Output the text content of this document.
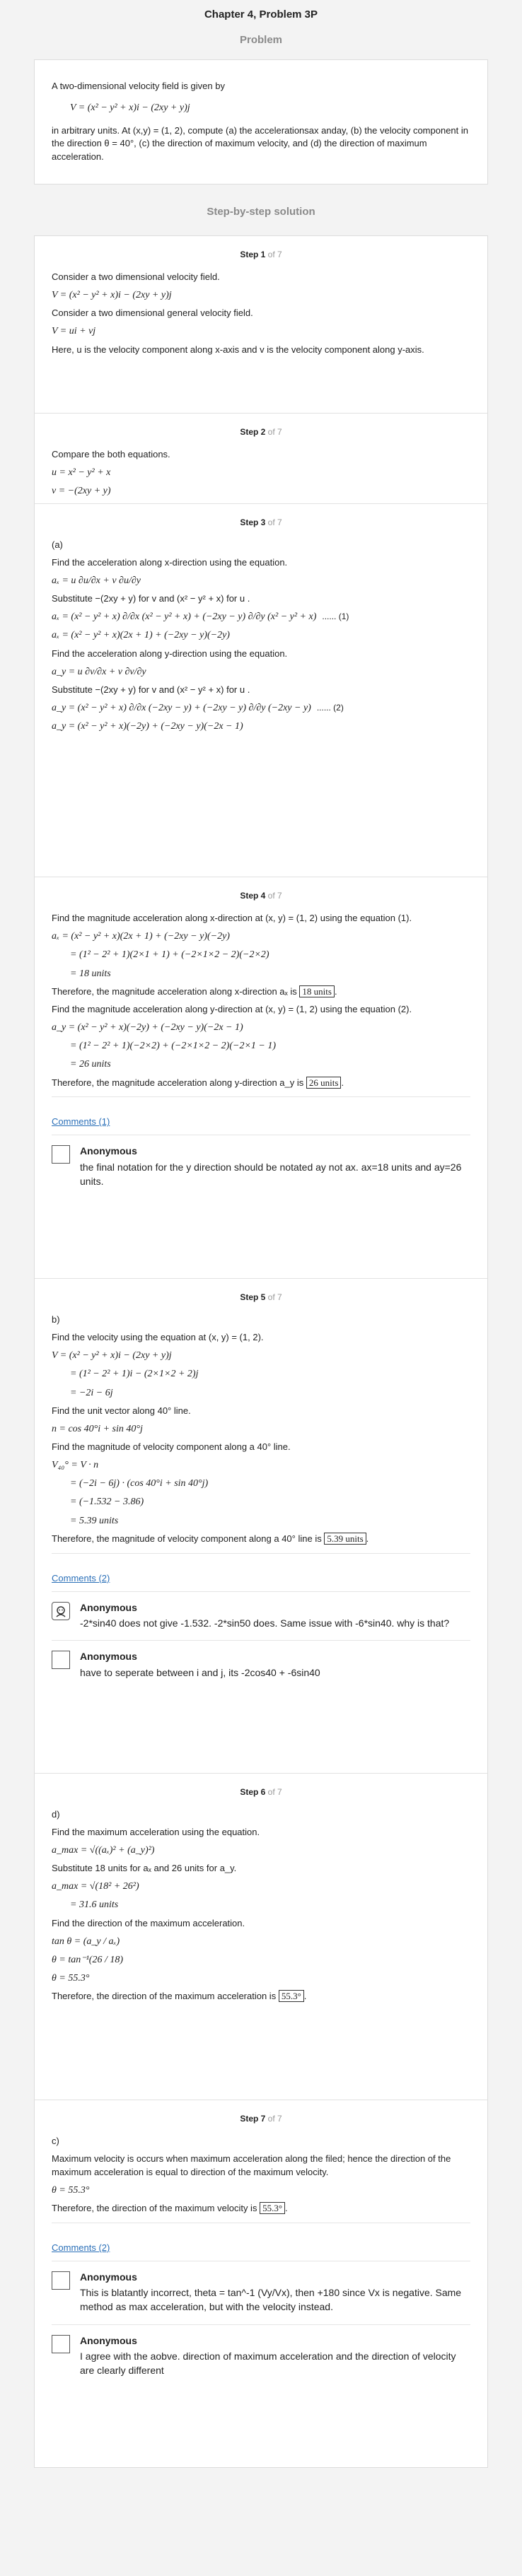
Chapter 4, Problem 3P
Problem
A two-dimensional velocity field is given by
V = (x² − y² + x)i − (2xy + y)j
in arbitrary units. At (x,y) = (1, 2), compute (a) the accelerationsax anday, (b) the velocity component in the direction θ = 40°, (c) the direction of maximum velocity, and (d) the direction of maximum acceleration.
Step-by-step solution
Step 1 of 7
Consider a two dimensional velocity field.
V = (x² − y² + x)i − (2xy + y)j
Consider a two dimensional general velocity field.
V = ui + vj
Here, u is the velocity component along x-axis and v is the velocity component along y-axis.
Step 2 of 7
Compare the both equations.
u = x² − y² + x
v = −(2xy + y)
Step 3 of 7
(a)
Find the acceleration along x-direction using the equation.
aₓ = u ∂u/∂x + v ∂u/∂y
Substitute −(2xy + y) for v and (x² − y² + x) for u .
aₓ = (x² − y² + x) ∂/∂x (x² − y² + x) + (−2xy − y) ∂/∂y (x² − y² + x) ...... (1)
aₓ = (x² − y² + x)(2x + 1) + (−2xy − y)(−2y)
Find the acceleration along y-direction using the equation.
a_y = u ∂v/∂x + v ∂v/∂y
Substitute −(2xy + y) for v and (x² − y² + x) for u .
a_y = (x² − y² + x) ∂/∂x (−2xy − y) + (−2xy − y) ∂/∂y (−2xy − y) ...... (2)
a_y = (x² − y² + x)(−2y) + (−2xy − y)(−2x − 1)
Step 4 of 7
Find the magnitude acceleration along x-direction at (x, y) = (1, 2) using the equation (1).
aₓ = (x² − y² + x)(2x + 1) + (−2xy − y)(−2y)
= (1² − 2² + 1)(2×1 + 1) + (−2×1×2 − 2)(−2×2)
= 18 units
Therefore, the magnitude acceleration along x-direction aₓ is 18 units .
Find the magnitude acceleration along y-direction at (x, y) = (1, 2) using the equation (2).
a_y = (x² − y² + x)(−2y) + (−2xy − y)(−2x − 1)
= (1² − 2² + 1)(−2×2) + (−2×1×2 − 2)(−2×1 − 1)
= 26 units
Therefore, the magnitude acceleration along y-direction a_y is 26 units .
Comments (1)
Anonymous
the final notation for the y direction should be notated ay not ax. ax=18 units and ay=26 units.
Step 5 of 7
b)
Find the velocity using the equation at (x, y) = (1, 2).
V = (x² − y² + x)i − (2xy + y)j
= (1² − 2² + 1)i − (2×1×2 + 2)j
= −2i − 6j
Find the unit vector along 40° line.
n = cos 40°i + sin 40°j
Find the magnitude of velocity component along a 40° line.
V₄₀° = V · n
= (−2i − 6j) · (cos 40°i + sin 40°j)
= (−1.532 − 3.86)
= 5.39 units
Therefore, the magnitude of velocity component along a 40° line is 5.39 units .
Comments (2)
Anonymous
-2*sin40 does not give -1.532. -2*sin50 does. Same issue with -6*sin40. why is that?
Anonymous
have to seperate between i and j, its -2cos40 + -6sin40
Step 6 of 7
d)
Find the maximum acceleration using the equation.
a_max = √((aₓ)² + (a_y)²)
Substitute 18 units for aₓ and 26 units for a_y.
a_max = √(18² + 26²)
= 31.6 units
Find the direction of the maximum acceleration.
tan θ = (a_y / aₓ)
θ = tan⁻¹(26 / 18)
θ = 55.3°
Therefore, the direction of the maximum acceleration is 55.3° .
Step 7 of 7
c)
Maximum velocity is occurs when maximum acceleration along the filed; hence the direction of the maximum acceleration is equal to direction of the maximum velocity.
θ = 55.3°
Therefore, the direction of the maximum velocity is 55.3° .
Comments (2)
Anonymous
This is blatantly incorrect, theta = tan^-1 (Vy/Vx), then +180 since Vx is negative. Same method as max acceleration, but with the velocity instead.
Anonymous
I agree with the aobve. direction of maximum acceleration and the direction of velocity are clearly different
